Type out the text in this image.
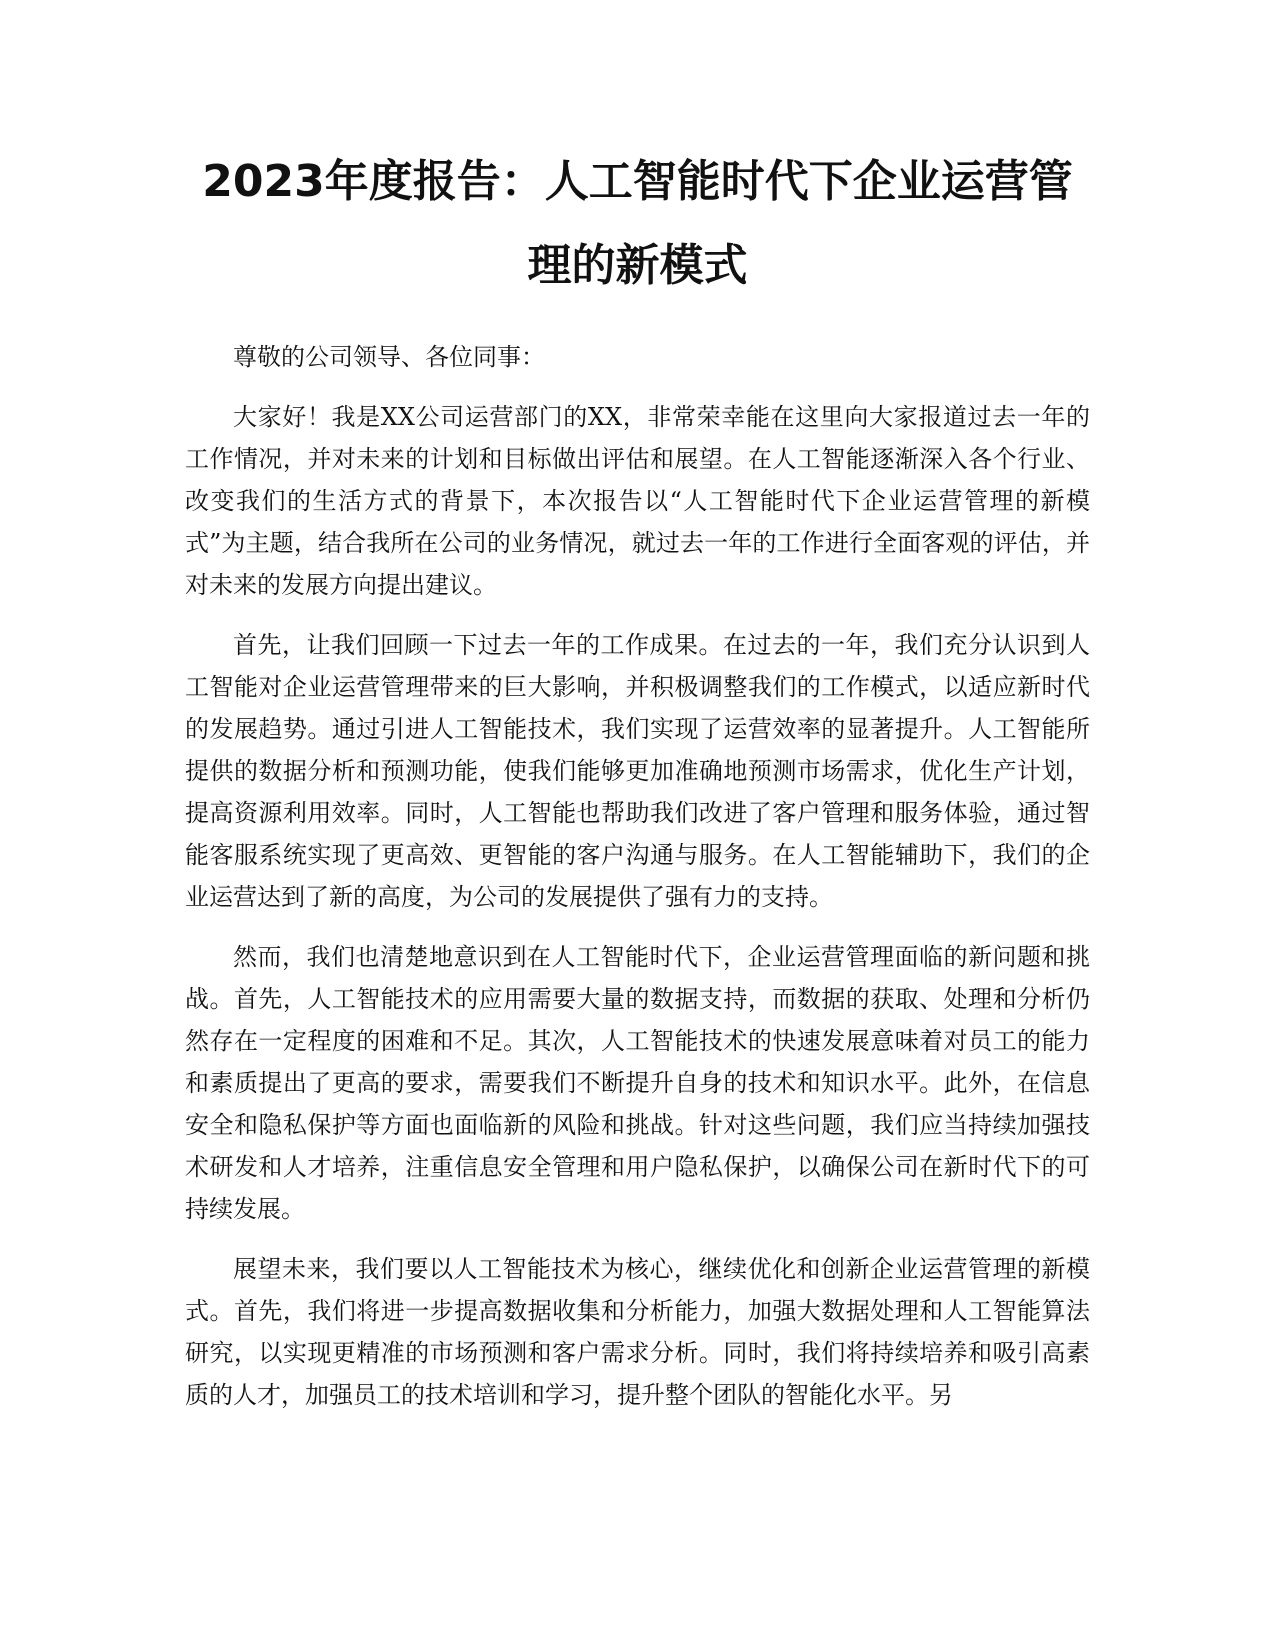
2023年度报告：人工智能时代下企业运营管理的新模式

尊敬的公司领导、各位同事：

大家好！我是XX公司运营部门的XX，非常荣幸能在这里向大家报道过去一年的工作情况，并对未来的计划和目标做出评估和展望。在人工智能逐渐深入各个行业、改变我们的生活方式的背景下，本次报告以“人工智能时代下企业运营管理的新模式”为主题，结合我所在公司的业务情况，就过去一年的工作进行全面客观的评估，并对未来的发展方向提出建议。

首先，让我们回顾一下过去一年的工作成果。在过去的一年，我们充分认识到人工智能对企业运营管理带来的巨大影响，并积极调整我们的工作模式，以适应新时代的发展趋势。通过引进人工智能技术，我们实现了运营效率的显著提升。人工智能所提供的数据分析和预测功能，使我们能够更加准确地预测市场需求，优化生产计划，提高资源利用效率。同时，人工智能也帮助我们改进了客户管理和服务体验，通过智能客服系统实现了更高效、更智能的客户沟通与服务。在人工智能辅助下，我们的企业运营达到了新的高度，为公司的发展提供了强有力的支持。

然而，我们也清楚地意识到在人工智能时代下，企业运营管理面临的新问题和挑战。首先，人工智能技术的应用需要大量的数据支持，而数据的获取、处理和分析仍然存在一定程度的困难和不足。其次，人工智能技术的快速发展意味着对员工的能力和素质提出了更高的要求，需要我们不断提升自身的技术和知识水平。此外，在信息安全和隐私保护等方面也面临新的风险和挑战。针对这些问题，我们应当持续加强技术研发和人才培养，注重信息安全管理和用户隐私保护，以确保公司在新时代下的可持续发展。

展望未来，我们要以人工智能技术为核心，继续优化和创新企业运营管理的新模式。首先，我们将进一步提高数据收集和分析能力，加强大数据处理和人工智能算法研究，以实现更精准的市场预测和客户需求分析。同时，我们将持续培养和吸引高素质的人才，加强员工的技术培训和学习，提升整个团队的智能化水平。另
